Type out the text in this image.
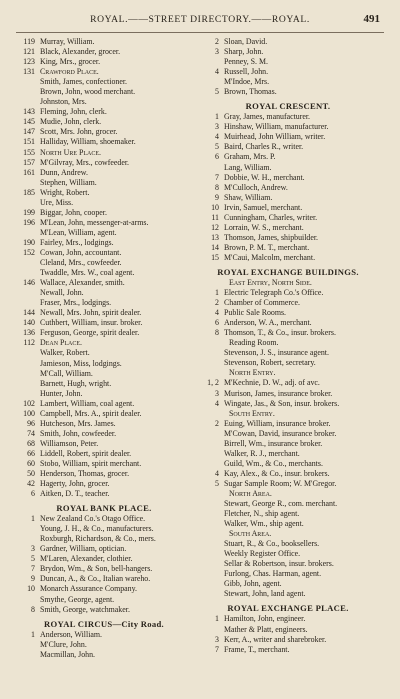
ROYAL.——STREET DIRECTORY.——ROYAL.	491
119 Murray, William.
121 Black, Alexander, grocer.
123 King, Mrs., grocer.
131 Crawford Place.
Smith, James, confectioner.
Brown, John, wood merchant.
Johnston, Mrs.
143 Fleming, John, clerk.
145 Mudie, John, clerk.
147 Scott, Mrs. John, grocer.
151 Halliday, William, shoemaker.
155 North Ure Place.
157 M'Gilvray, Mrs., cowfeeder.
161 Dunn, Andrew.
Stephen, William.
185 Wright, Robert.
Ure, Miss.
199 Biggar, John, cooper.
196 M'Lean, John, messenger-at-arms.
M'Lean, William, agent.
190 Fairley, Mrs., lodgings.
152 Cowan, John, accountant.
Cleland, Mrs., cowfeeder.
Twaddle, Mrs. W., coal agent.
146 Wallace, Alexander, smith.
Newall, John.
Fraser, Mrs., lodgings.
144 Newall, Mrs. John, spirit dealer.
140 Cuthbert, William, insur. broker.
136 Ferguson, George, spirit dealer.
112 Dean Place.
Walker, Robert.
Jamieson, Miss, lodgings.
M'Call, William.
Barnett, Hugh, wright.
Hunter, John.
102 Lambert, William, coal agent.
100 Campbell, Mrs. A., spirit dealer.
96 Hutcheson, Mrs. James.
74 Smith, John, cowfeeder.
68 Williamson, Peter.
66 Liddell, Robert, spirit dealer.
60 Stobo, William, spirit merchant.
50 Henderson, Thomas, grocer.
42 Hagerty, John, grocer.
6 Aitken, D. T., teacher.
ROYAL BANK PLACE.
1 New Zealand Co.'s Otago Office.
Young, J. H., & Co., manufacturers.
Roxburgh, Richardson, & Co., mers.
3 Gardner, William, optician.
5 M'Laren, Alexander, clothier.
7 Brydon, Wm., & Son, bell-hangers.
9 Duncan, A., & Co., Italian wareho.
10 Monarch Assurance Company.
Smythe, George, agent.
8 Smith, George, watchmaker.
ROYAL CIRCUS—City Road.
1 Anderson, William.
M'Clure, John.
Macmillan, John.
2 Sloan, David.
3 Sharp, John.
Penney, S. M.
4 Russell, John.
M'Indoe, Mrs.
5 Brown, Thomas.
ROYAL CRESCENT.
1 Gray, James, manufacturer.
3 Hinshaw, William, manufacturer.
4 Muirhead, John William, writer.
5 Baird, Charles R., writer.
6 Graham, Mrs. P.
Lang, William.
7 Dobbie, W. H., merchant.
8 M'Culloch, Andrew.
9 Shaw, William.
10 Irvin, Samuel, merchant.
11 Cunningham, Charles, writer.
12 Lorrain, W. S., merchant.
13 Thomson, James, shipbuilder.
14 Brown, P. M. T., merchant.
15 M'Caui, Malcolm, merchant.
ROYAL EXCHANGE BUILDINGS.
East Entry, North Side.
1 Electric Telegraph Co.'s Office.
2 Chamber of Commerce.
4 Public Sale Rooms.
6 Anderson, W. A., merchant.
8 Thomson, T., & Co., insur. brokers.
Reading Room.
Stevenson, J. S., insurance agent.
Stevenson, Robert, secretary.
North Entry.
1, 2 M'Kechnie, D. W., adj. of avc.
3 Murison, James, insurance broker.
4 Wingate, Jas., & Son, insur. brokers.
South Entry.
2 Euing, William, insurance broker.
M'Cowan, David, insurance broker.
Birrell, Wm., insurance broker.
Walker, R. J., merchant.
Guild, Wm., & Co., merchants.
4 Kay, Alex., & Co., insur. brokers.
5 Sugar Sample Room; W. M'Gregor.
North Area.
Stewart, George R., com. merchant.
Fletcher, N., ship agent.
Walker, Wm., ship agent.
South Area.
Stuart, R., & Co., booksellers.
Weekly Register Office.
Sellar & Robertson, insur. brokers.
Furlong, Chas. Harman, agent.
Gibb, John, agent.
Stewart, John, land agent.
ROYAL EXCHANGE PLACE.
1 Hamilton, John, engineer.
Mather & Platt, engineers.
3 Kerr, A., writer and sharebroker.
7 Frame, T., merchant.
